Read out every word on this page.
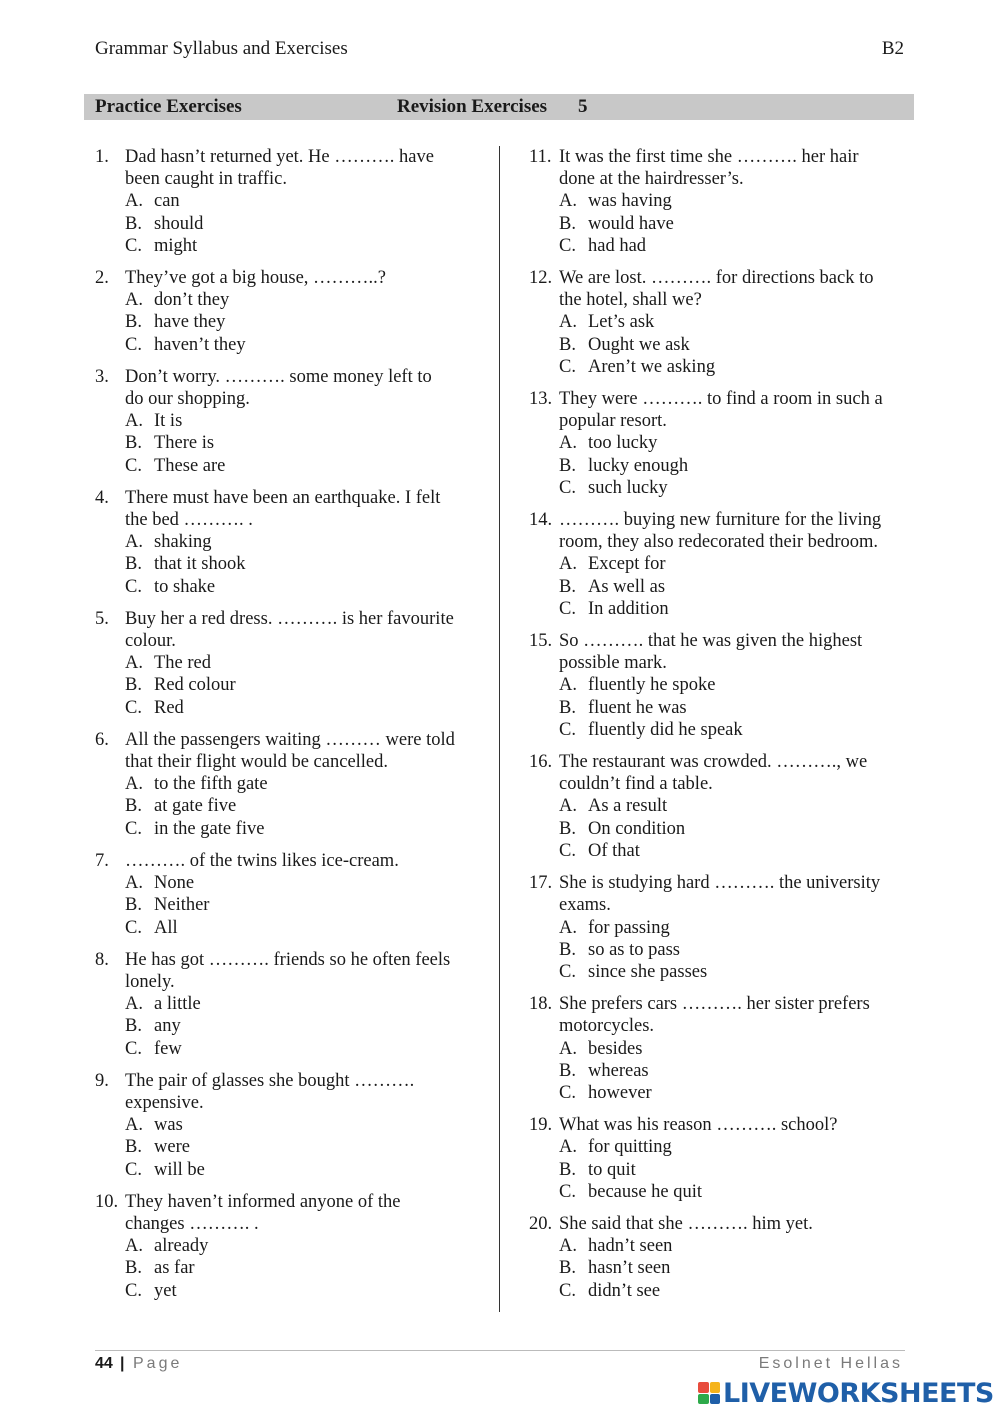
Grammar Syllabus and Exercises	B2
Practice Exercises	Revision Exercises 5
1. Dad hasn’t returned yet. He ………. have
been caught in traffic.
A. can
B. should
C. might
2. They’ve got a big house, ………..?
A. don’t they
B. have they
C. haven’t they
3. Don’t worry. ………. some money left to
do our shopping.
A. It is
B. There is
C. These are
4. There must have been an earthquake. I felt
the bed ………. .
A. shaking
B. that it shook
C. to shake
5. Buy her a red dress. ………. is her favourite
colour.
A. The red
B. Red colour
C. Red
6. All the passengers waiting ……… were told
that their flight would be cancelled.
A. to the fifth gate
B. at gate five
C. in the gate five
7. ………. of the twins likes ice-cream.
A. None
B. Neither
C. All
8. He has got ………. friends so he often feels
lonely.
A. a little
B. any
C. few
9. The pair of glasses she bought ……….
expensive.
A. was
B. were
C. will be
10. They haven’t informed anyone of the
changes ………. .
A. already
B. as far
C. yet
11. It was the first time she ………. her hair
done at the hairdresser’s.
A. was having
B. would have
C. had had
12. We are lost. ………. for directions back to
the hotel, shall we?
A. Let’s ask
B. Ought we ask
C. Aren’t we asking
13. They were ………. to find a room in such a
popular resort.
A. too lucky
B. lucky enough
C. such lucky
14. ………. buying new furniture for the living
room, they also redecorated their bedroom.
A. Except for
B. As well as
C. In addition
15. So ………. that he was given the highest
possible mark.
A. fluently he spoke
B. fluent he was
C. fluently did he speak
16. The restaurant was crowded. ………., we
couldn’t find a table.
A. As a result
B. On condition
C. Of that
17. She is studying hard ………. the university
exams.
A. for passing
B. so as to pass
C. since she passes
18. She prefers cars ………. her sister prefers
motorcycles.
A. besides
B. whereas
C. however
19. What was his reason ………. school?
A. for quitting
B. to quit
C. because he quit
20. She said that she ………. him yet.
A. hadn’t seen
B. hasn’t seen
C. didn’t see
44 | Page	Esolnet Hellas
LIVEWORKSHEETS
